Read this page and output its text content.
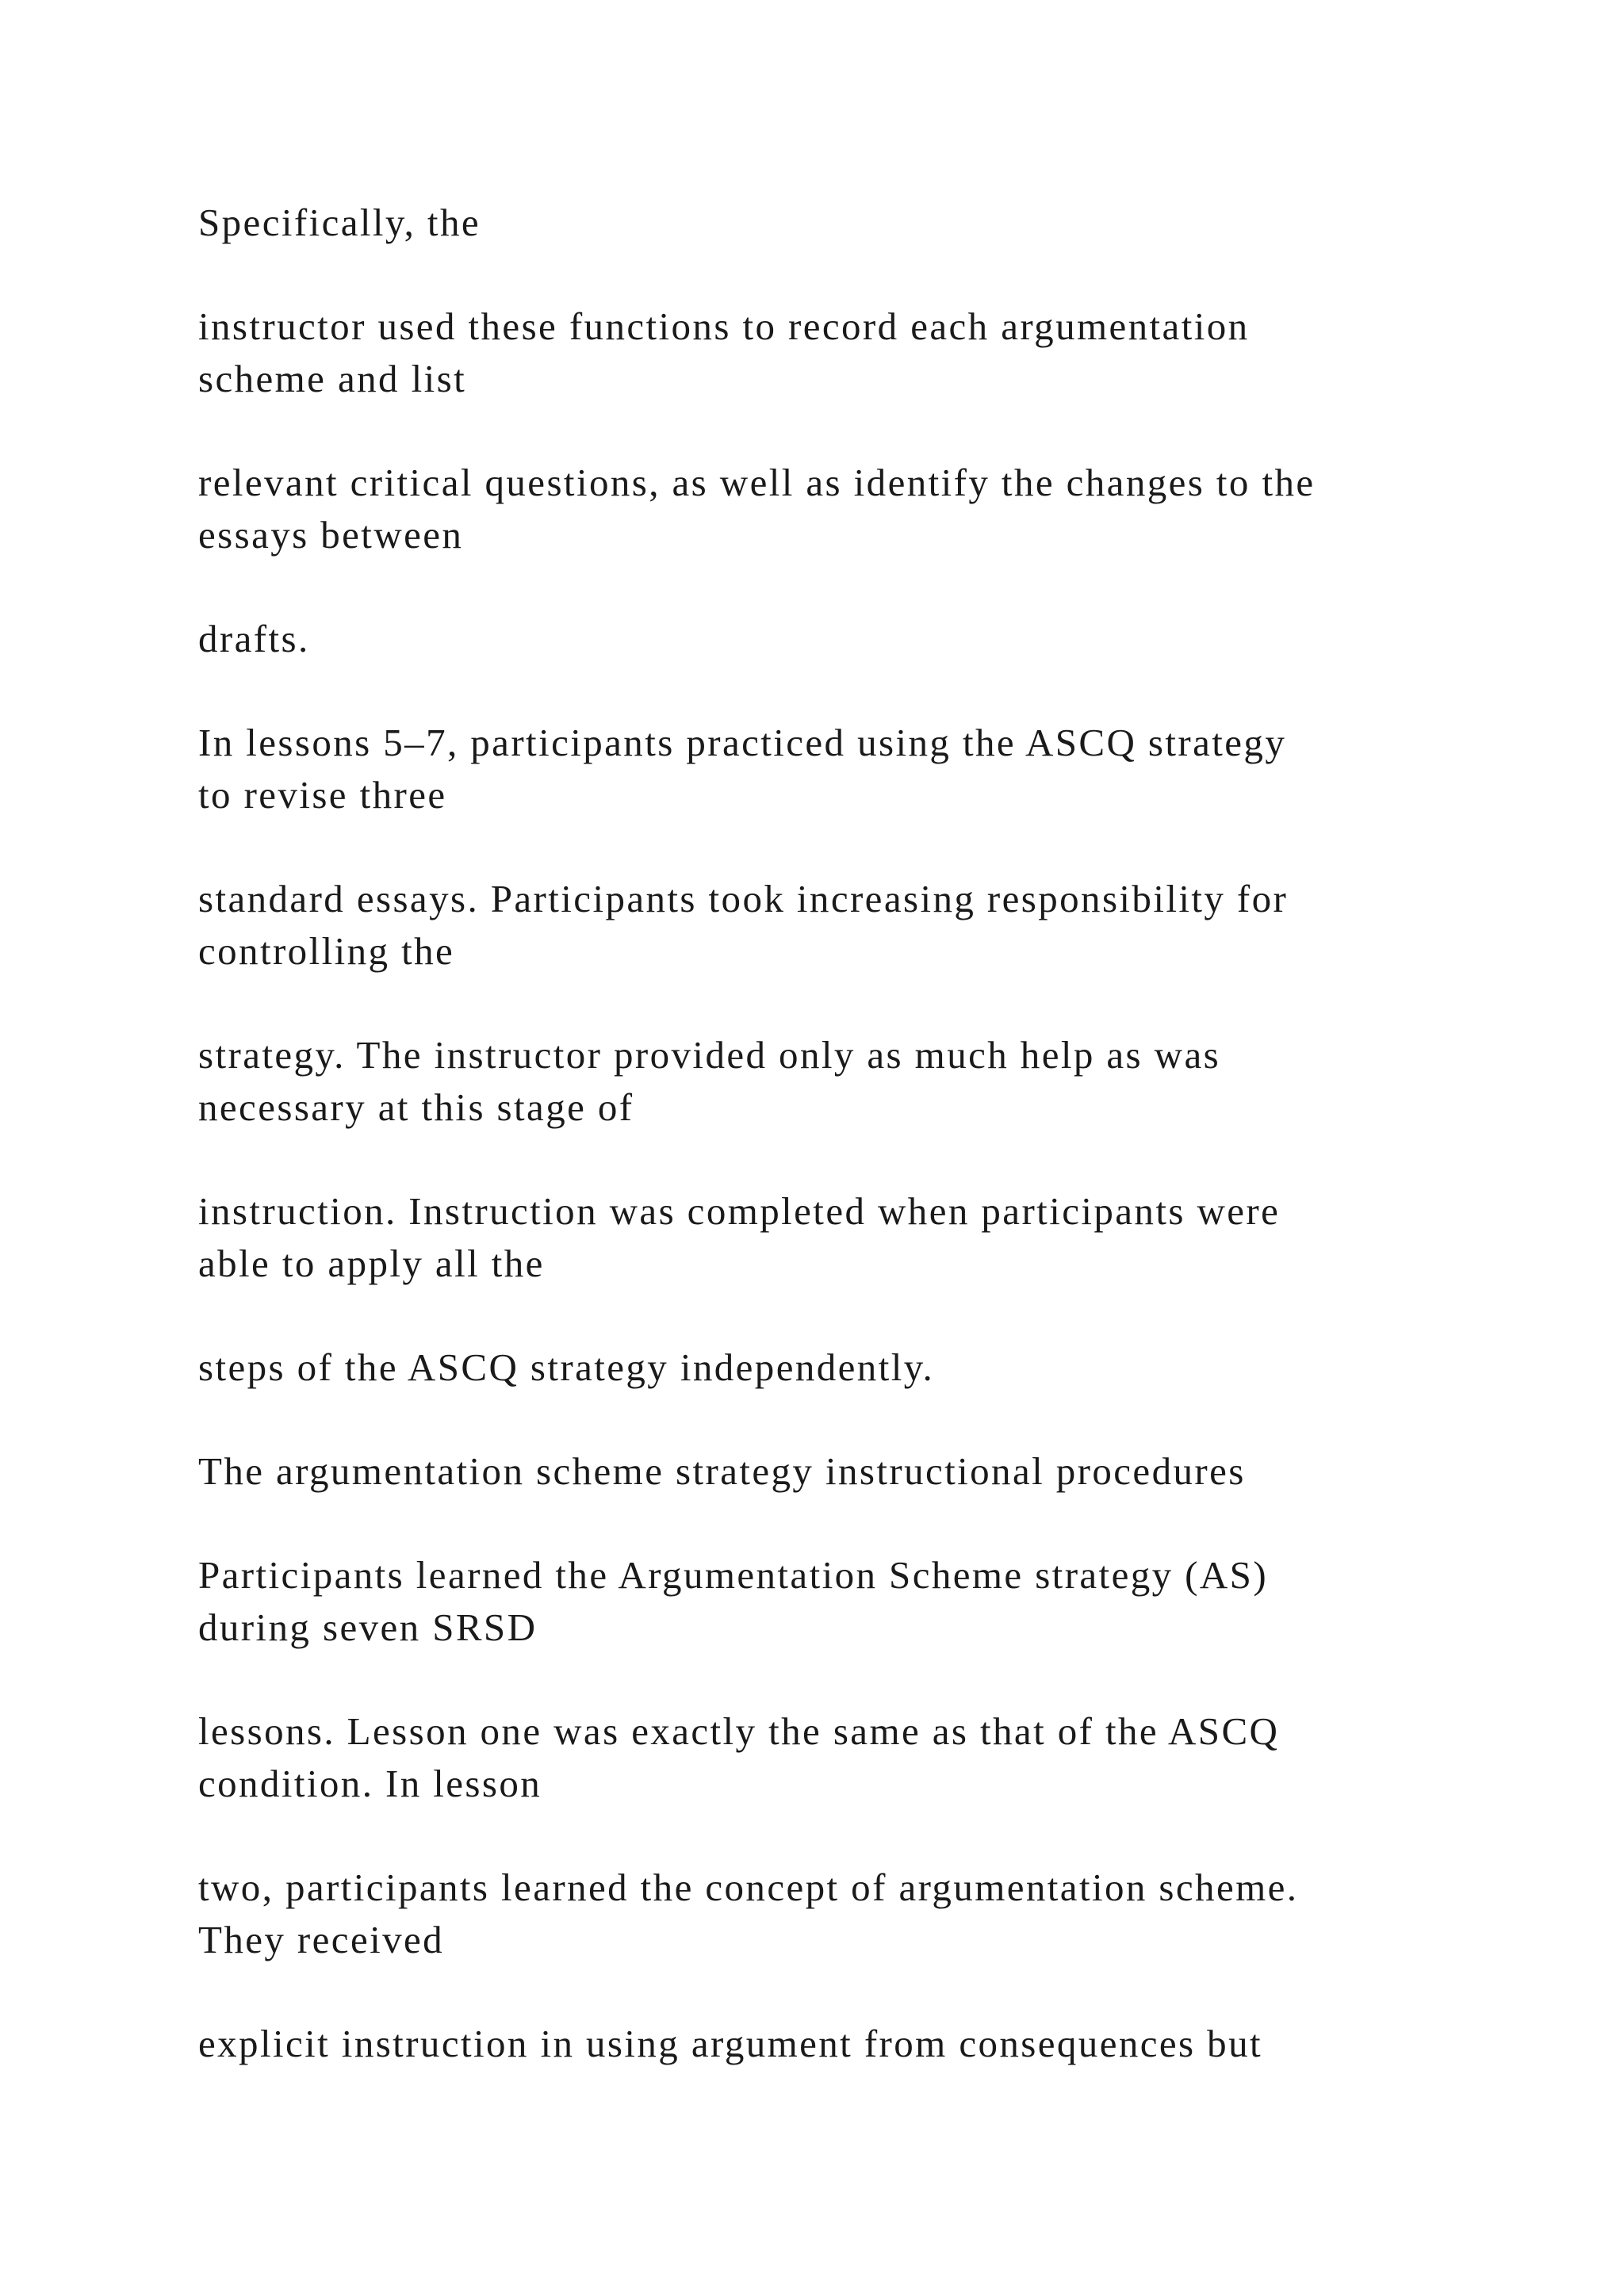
Specifically, the

instructor used these functions to record each argumentation
scheme and list

relevant critical questions, as well as identify the changes to the
essays between

drafts.

In lessons 5–7, participants practiced using the ASCQ strategy
to revise three

standard essays. Participants took increasing responsibility for
controlling the

strategy. The instructor provided only as much help as was
necessary at this stage of

instruction. Instruction was completed when participants were
able to apply all the

steps of the ASCQ strategy independently.

The argumentation scheme strategy instructional procedures

Participants learned the Argumentation Scheme strategy (AS)
during seven SRSD

lessons. Lesson one was exactly the same as that of the ASCQ
condition. In lesson

two, participants learned the concept of argumentation scheme.
They received

explicit instruction in using argument from consequences but
